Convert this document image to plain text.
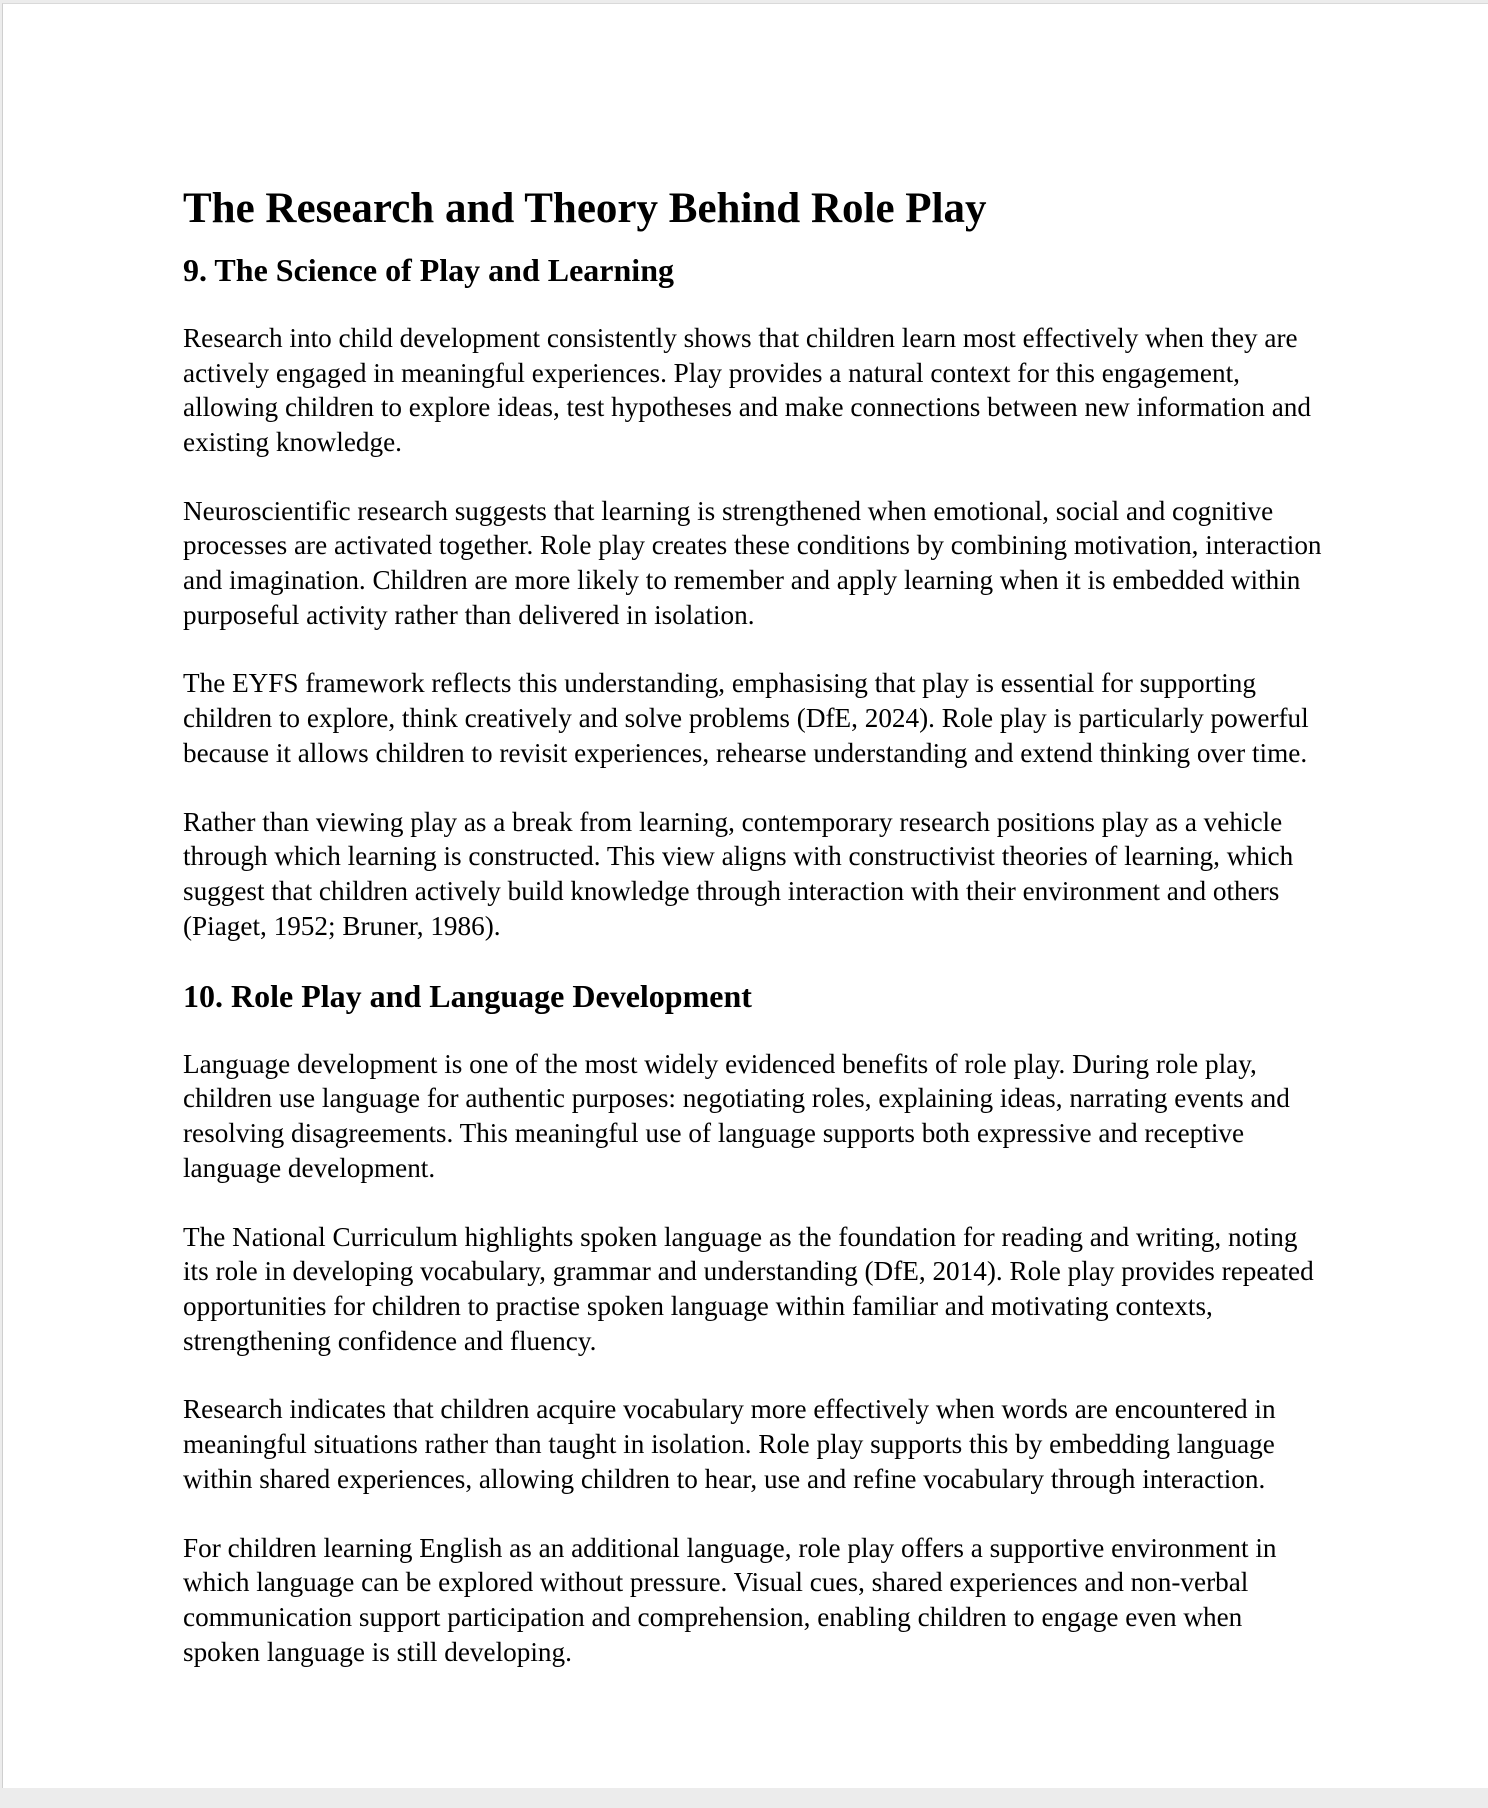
The Research and Theory Behind Role Play
9. The Science of Play and Learning

Research into child development consistently shows that children learn most effectively when they are actively engaged in meaningful experiences. Play provides a natural context for this engagement, allowing children to explore ideas, test hypotheses and make connections between new information and existing knowledge.

Neuroscientific research suggests that learning is strengthened when emotional, social and cognitive processes are activated together. Role play creates these conditions by combining motivation, interaction and imagination. Children are more likely to remember and apply learning when it is embedded within purposeful activity rather than delivered in isolation.

The EYFS framework reflects this understanding, emphasising that play is essential for supporting children to explore, think creatively and solve problems (DfE, 2024). Role play is particularly powerful because it allows children to revisit experiences, rehearse understanding and extend thinking over time.

Rather than viewing play as a break from learning, contemporary research positions play as a vehicle through which learning is constructed. This view aligns with constructivist theories of learning, which suggest that children actively build knowledge through interaction with their environment and others (Piaget, 1952; Bruner, 1986).

10. Role Play and Language Development

Language development is one of the most widely evidenced benefits of role play. During role play, children use language for authentic purposes: negotiating roles, explaining ideas, narrating events and resolving disagreements. This meaningful use of language supports both expressive and receptive language development.

The National Curriculum highlights spoken language as the foundation for reading and writing, noting its role in developing vocabulary, grammar and understanding (DfE, 2014). Role play provides repeated opportunities for children to practise spoken language within familiar and motivating contexts, strengthening confidence and fluency.

Research indicates that children acquire vocabulary more effectively when words are encountered in meaningful situations rather than taught in isolation. Role play supports this by embedding language within shared experiences, allowing children to hear, use and refine vocabulary through interaction.

For children learning English as an additional language, role play offers a supportive environment in which language can be explored without pressure. Visual cues, shared experiences and non-verbal communication support participation and comprehension, enabling children to engage even when spoken language is still developing.
